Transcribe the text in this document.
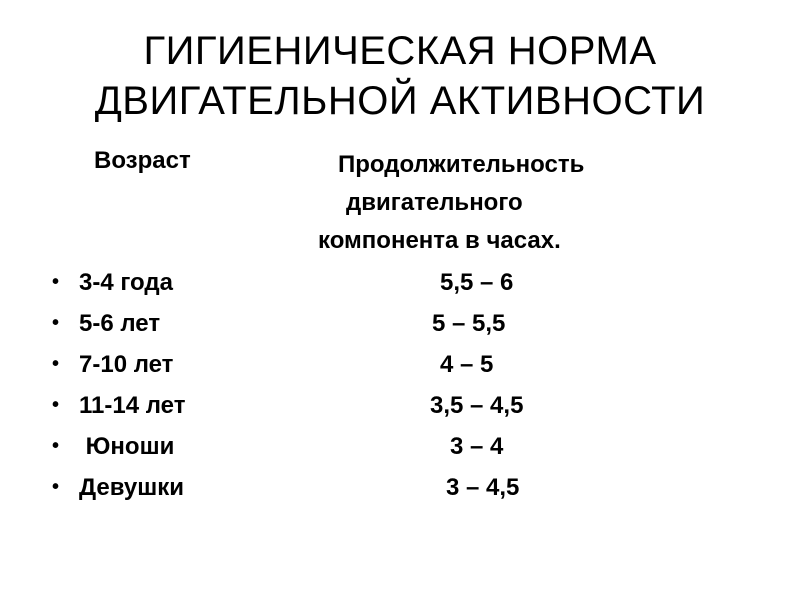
ГИГИЕНИЧЕСКАЯ НОРМА
ДВИГАТЕЛЬНОЙ АКТИВНОСТИ
Возраст	Продолжительность
двигательного
компонента в часах.
• 3-4 года	5,5 – 6
• 5-6 лет	5 – 5,5
• 7-10 лет	4 – 5
• 11-14 лет	3,5 – 4,5
• Юноши	3 – 4
• Девушки	3 – 4,5
